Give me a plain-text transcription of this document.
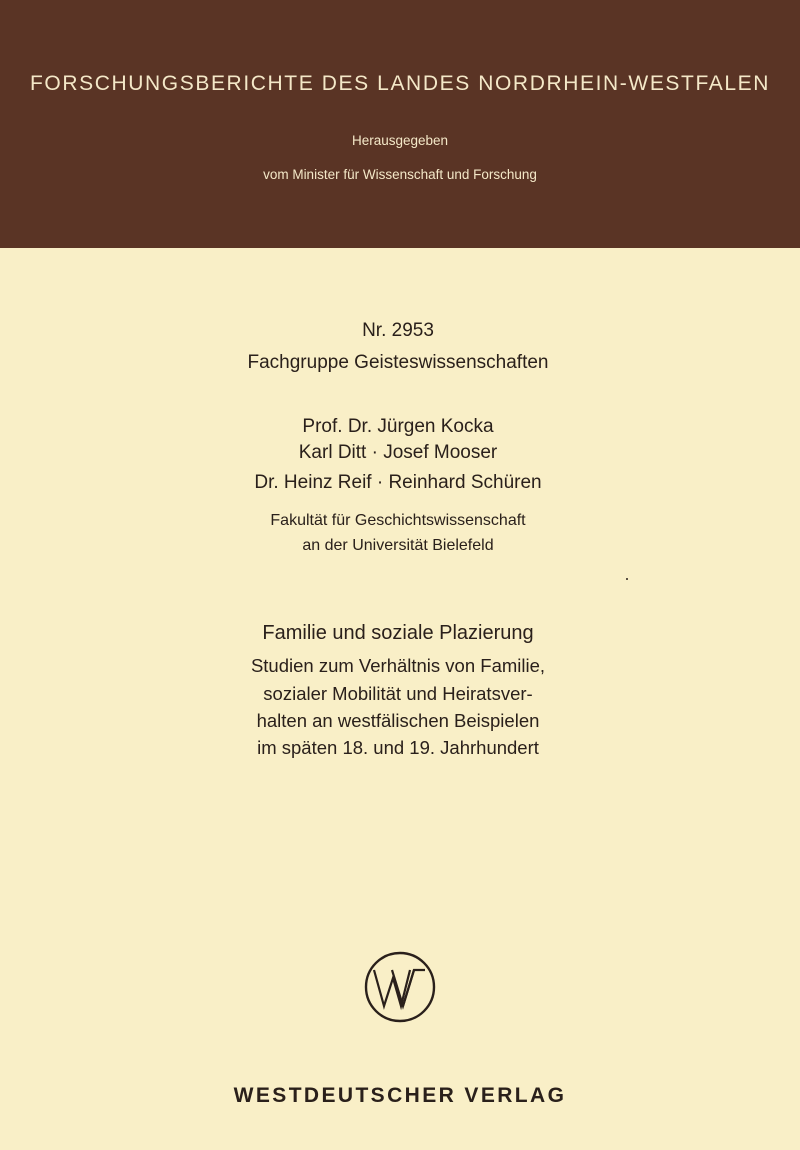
FORSCHUNGSBERICHTE DES LANDES NORDRHEIN-WESTFALEN
Herausgegeben
vom Minister für Wissenschaft und Forschung
Nr. 2953
Fachgruppe Geisteswissenschaften
Prof. Dr. Jürgen Kocka
Karl Ditt · Josef Mooser
Dr. Heinz Reif · Reinhard Schüren
Fakultät für Geschichtswissenschaft
an der Universität Bielefeld
Familie und soziale Plazierung
Studien zum Verhältnis von Familie,
sozialer Mobilität und Heiratsver-
halten an westfälischen Beispielen
im späten 18. und 19. Jahrhundert
WESTDEUTSCHER VERLAG
